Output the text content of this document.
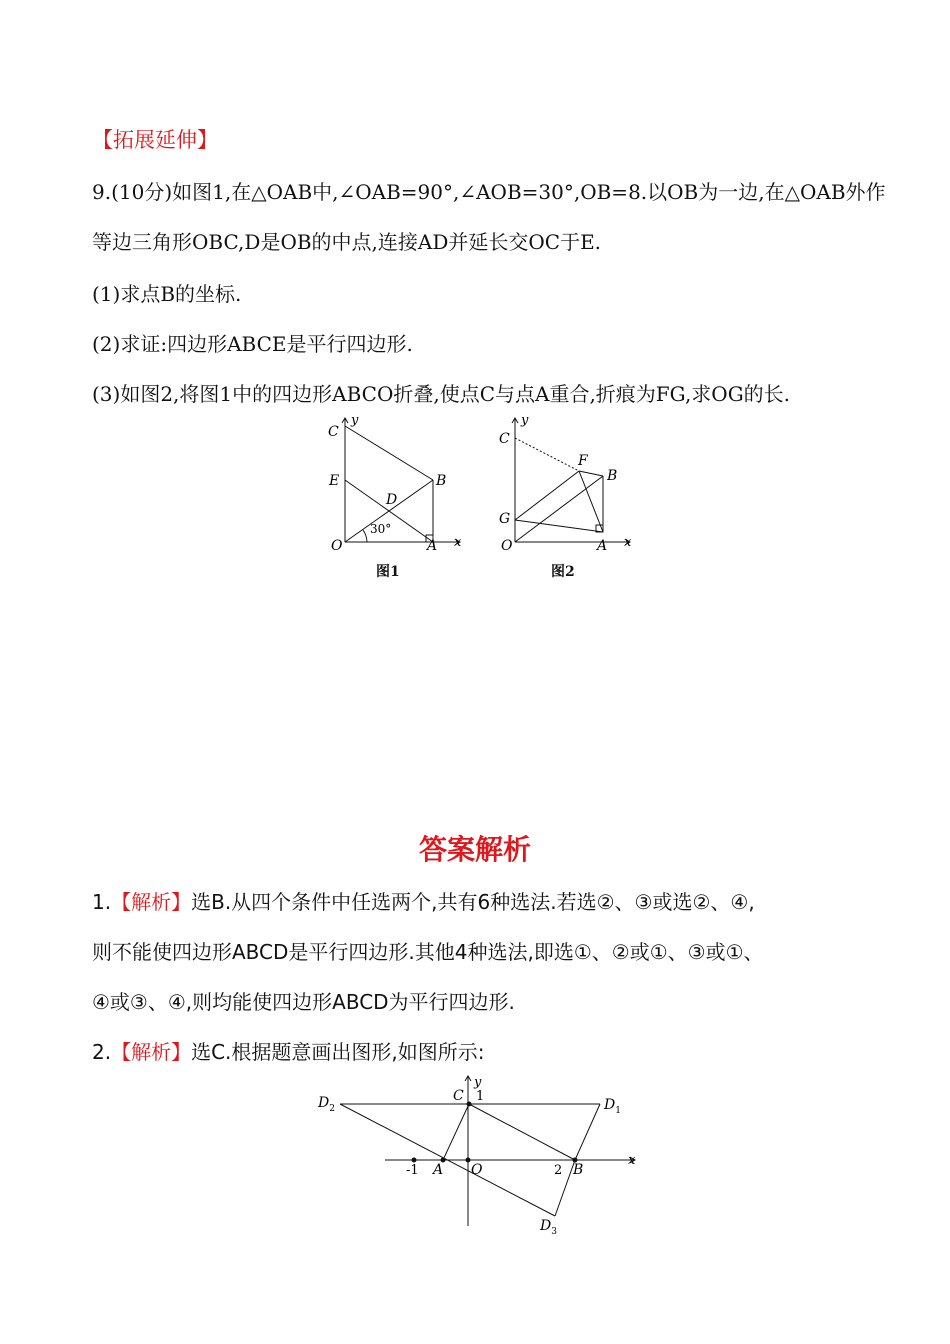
【拓展延伸】
9.(10分)如图1,在△OAB中,∠OAB=90°,∠AOB=30°,OB=8.以OB为一边,在△OAB外作
等边三角形OBC,D是OB的中点,连接AD并延长交OC于E.
(1)求点B的坐标.
(2)求证:四边形ABCE是平行四边形.
(3)如图2,将图1中的四边形ABCO折叠,使点C与点A重合,折痕为FG,求OG的长.
y
x
C
E	B
D
O	A
30°
图1
y
x
C
F
B
G
O	A
图2
答案解析
1.【解析】选B.从四个条件中任选两个,共有6种选法.若选②、③或选②、④,
则不能使四边形ABCD是平行四边形.其他4种选法,即选①、②或①、③或①、
④或③、④,则均能使四边形ABCD为平行四边形.
2.【解析】选C.根据题意画出图形,如图所示:
$D_2$	$D_1$
$D_3$
C
y
1
x
-1 A O	2 B
